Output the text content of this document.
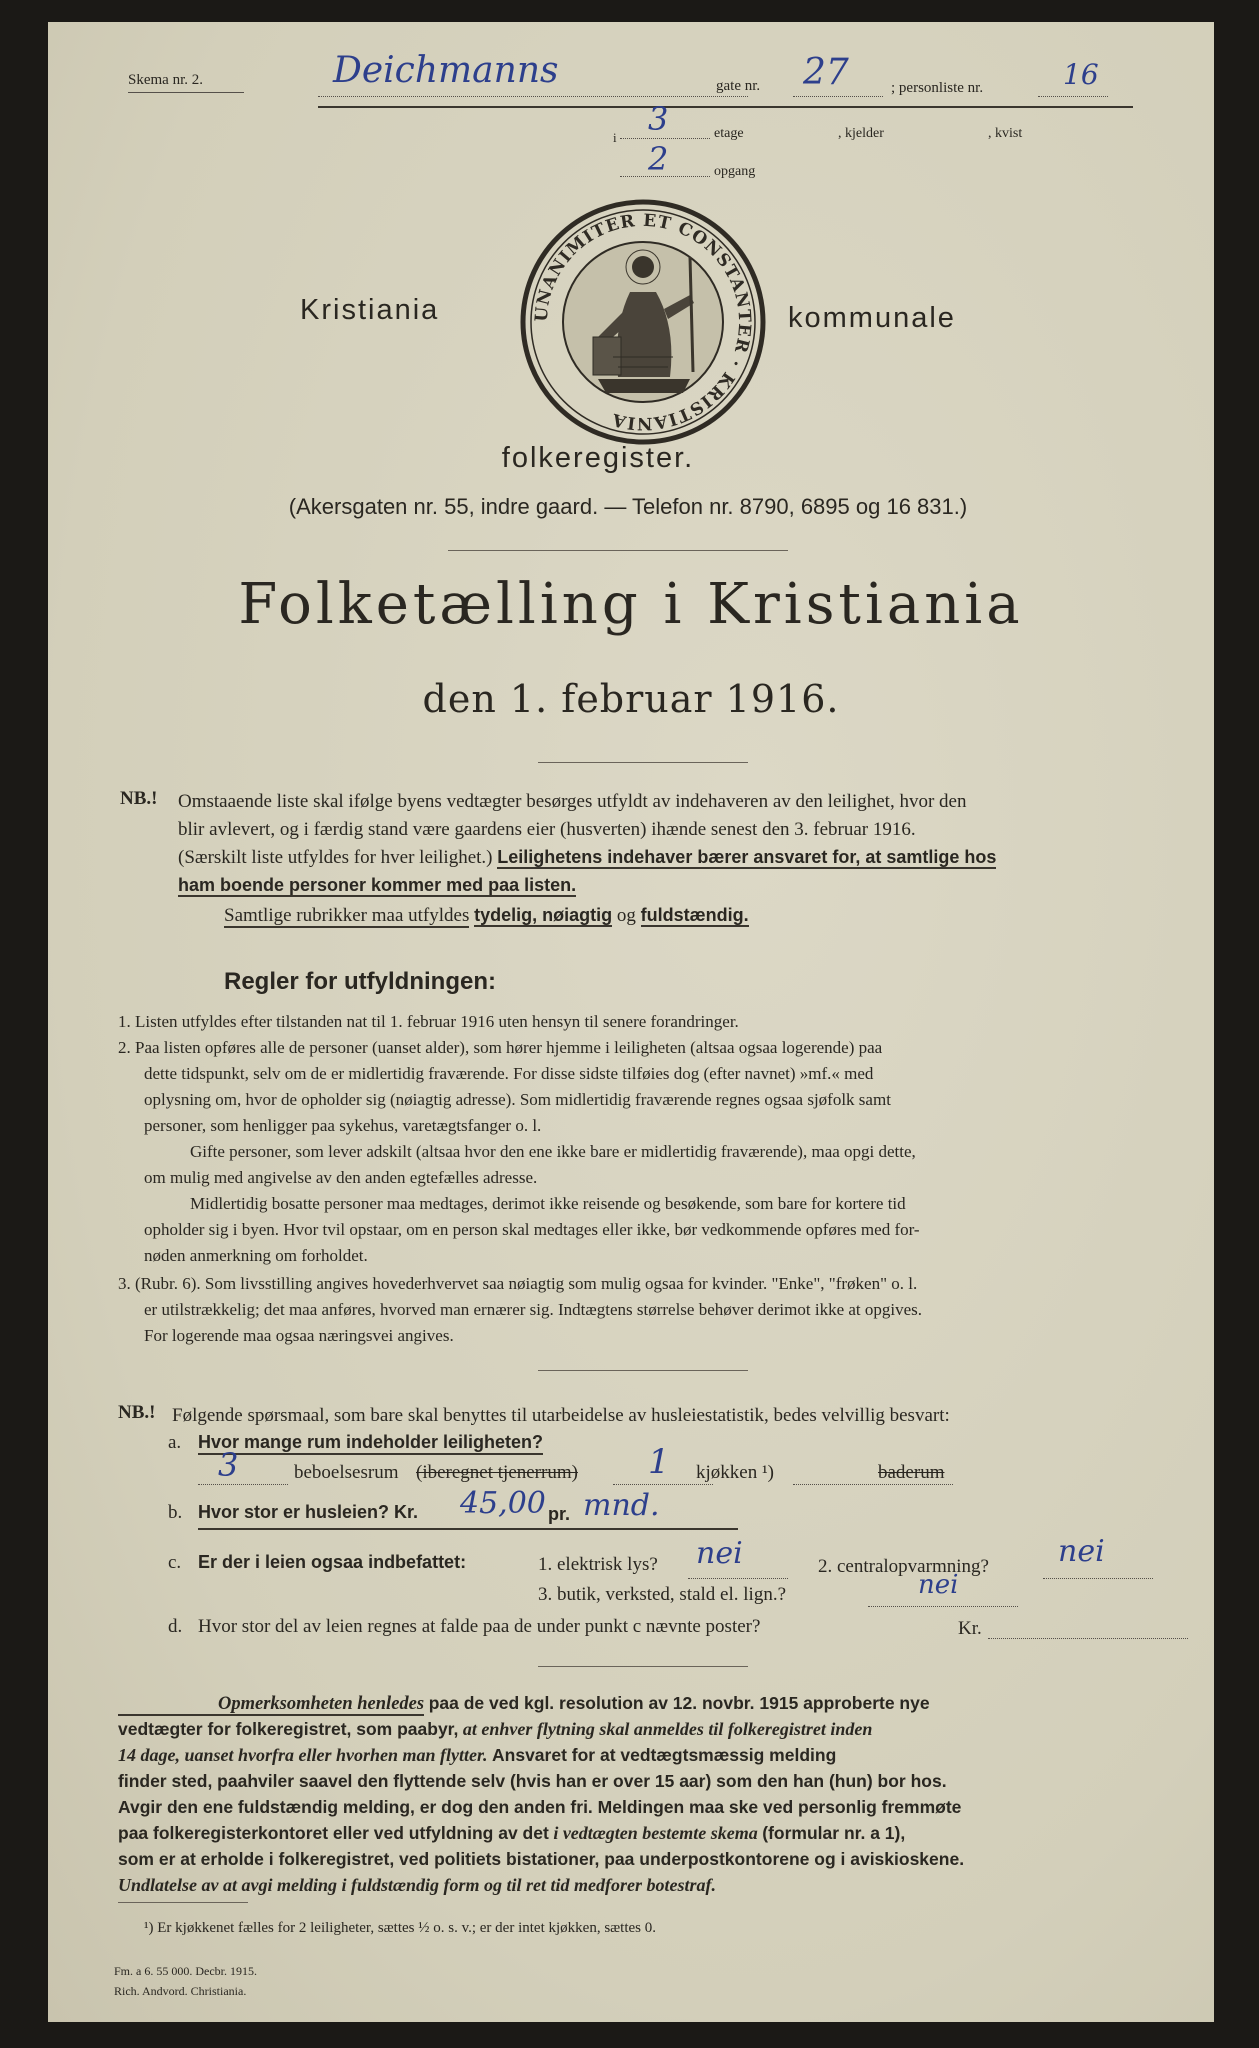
Skema nr. 2.	Deichmanns	gate nr. 27	; personliste nr.	16
i 3	etage	, kjelder	, kvist
2	opgang
Kristiania	kommunale
UNANIMITER ET CONSTANTER · KRISTIANIA
folkeregister.
(Akersgaten nr. 55, indre gaard. — Telefon nr. 8790, 6895 og 16 831.)
Folketælling i Kristiania
den 1. februar 1916.
NB.! Omstaaende liste skal ifølge byens vedtægter besørges utfyldt av indehaveren av den leilighet, hvor den
blir avlevert, og i færdig stand være gaardens eier (husverten) ihænde senest den 3. februar 1916.
(Særskilt liste utfyldes for hver leilighet.) Leilighetens indehaver bærer ansvaret for, at samtlige hos
ham boende personer kommer med paa listen.
Samtlige rubrikker maa utfyldes tydelig, nøiagtig og fuldstændig.
Regler for utfyldningen:
1. Listen utfyldes efter tilstanden nat til 1. februar 1916 uten hensyn til senere forandringer.
2. Paa listen opføres alle de personer (uanset alder), som hører hjemme i leiligheten (altsaa ogsaa logerende) paa
dette tidspunkt, selv om de er midlertidig fraværende. For disse sidste tilføies dog (efter navnet) »mf.« med
oplysning om, hvor de opholder sig (nøiagtig adresse). Som midlertidig fraværende regnes ogsaa sjøfolk samt
personer, som henligger paa sykehus, varetægtsfanger o. l.
Gifte personer, som lever adskilt (altsaa hvor den ene ikke bare er midlertidig fraværende), maa opgi dette,
om mulig med angivelse av den anden egtefælles adresse.
Midlertidig bosatte personer maa medtages, derimot ikke reisende og besøkende, som bare for kortere tid
opholder sig i byen. Hvor tvil opstaar, om en person skal medtages eller ikke, bør vedkommende opføres med for-
nøden anmerkning om forholdet.
3. (Rubr. 6). Som livsstilling angives hovederhvervet saa nøiagtig som mulig ogsaa for kvinder. "Enke", "frøken" o. l.
er utilstrækkelig; det maa anføres, hvorved man ernærer sig. Indtægtens størrelse behøver derimot ikke at opgives.
For logerende maa ogsaa næringsvei angives.
NB.! Følgende spørsmaal, som bare skal benyttes til utarbeidelse av husleiestatistik, bedes velvillig besvart:
a. Hvor mange rum indeholder leiligheten?
3	beboelsesrum (iberegnet tjenerrum) 1 kjøkken ¹)	baderum
b. Hvor stor er husleien? Kr. 45,00 pr. mnd.
c. Er der i leien ogsaa indbefattet:	1. elektrisk lys? nei	2. centralopvarmning? nei
3. butik, verksted, stald el. lign.?	nei
d. Hvor stor del av leien regnes at falde paa de under punkt c nævnte poster?	Kr.
Opmerksomheten henledes paa de ved kgl. resolution av 12. novbr. 1915 approberte nye
vedtægter for folkeregistret, som paabyr, at enhver flytning skal anmeldes til folkeregistret inden
14 dage, uanset hvorfra eller hvorhen man flytter. Ansvaret for at vedtægtsmæssig melding
finder sted, paahviler saavel den flyttende selv (hvis han er over 15 aar) som den han (hun) bor hos.
Avgir den ene fuldstændig melding, er dog den anden fri. Meldingen maa ske ved personlig fremmøte
paa folkeregisterkontoret eller ved utfyldning av det i vedtægten bestemte skema (formular nr. a 1),
som er at erholde i folkeregistret, ved politiets bistationer, paa underpostkontorene og i aviskioskene.
Undlatelse av at avgi melding i fuldstændig form og til ret tid medforer botestraf.
¹) Er kjøkkenet fælles for 2 leiligheter, sættes ½ o. s. v.; er der intet kjøkken, sættes 0.
Fm. a 6. 55 000. Decbr. 1915.
Rich. Andvord. Christiania.
